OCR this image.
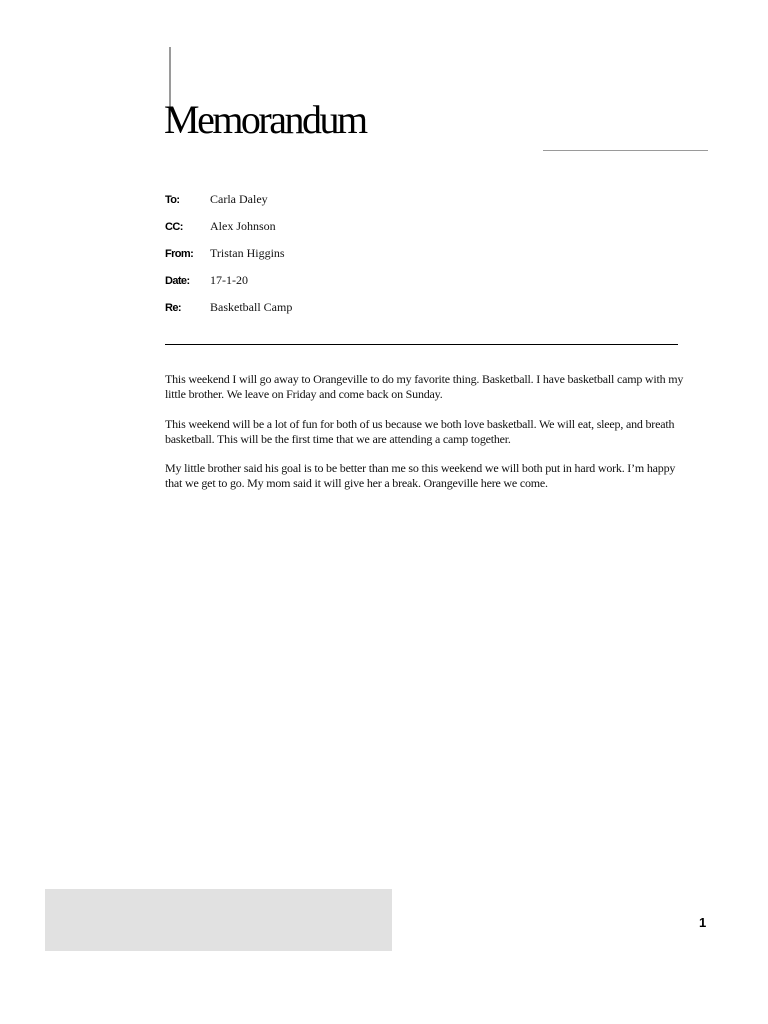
Memorandum
To:	Carla Daley
CC:	Alex Johnson
From:	Tristan Higgins
Date:	17-1-20
Re:	Basketball Camp

This weekend I will go away to Orangeville to do my favorite thing. Basketball. I have basketball camp with my little brother. We leave on Friday and come back on Sunday.

This weekend will be a lot of fun for both of us because we both love basketball. We will eat, sleep, and breath basketball. This will be the first time that we are attending a camp together.

My little brother said his goal is to be better than me so this weekend we will both put in hard work. I’m happy that we get to go. My mom said it will give her a break. Orangeville here we come.

1
